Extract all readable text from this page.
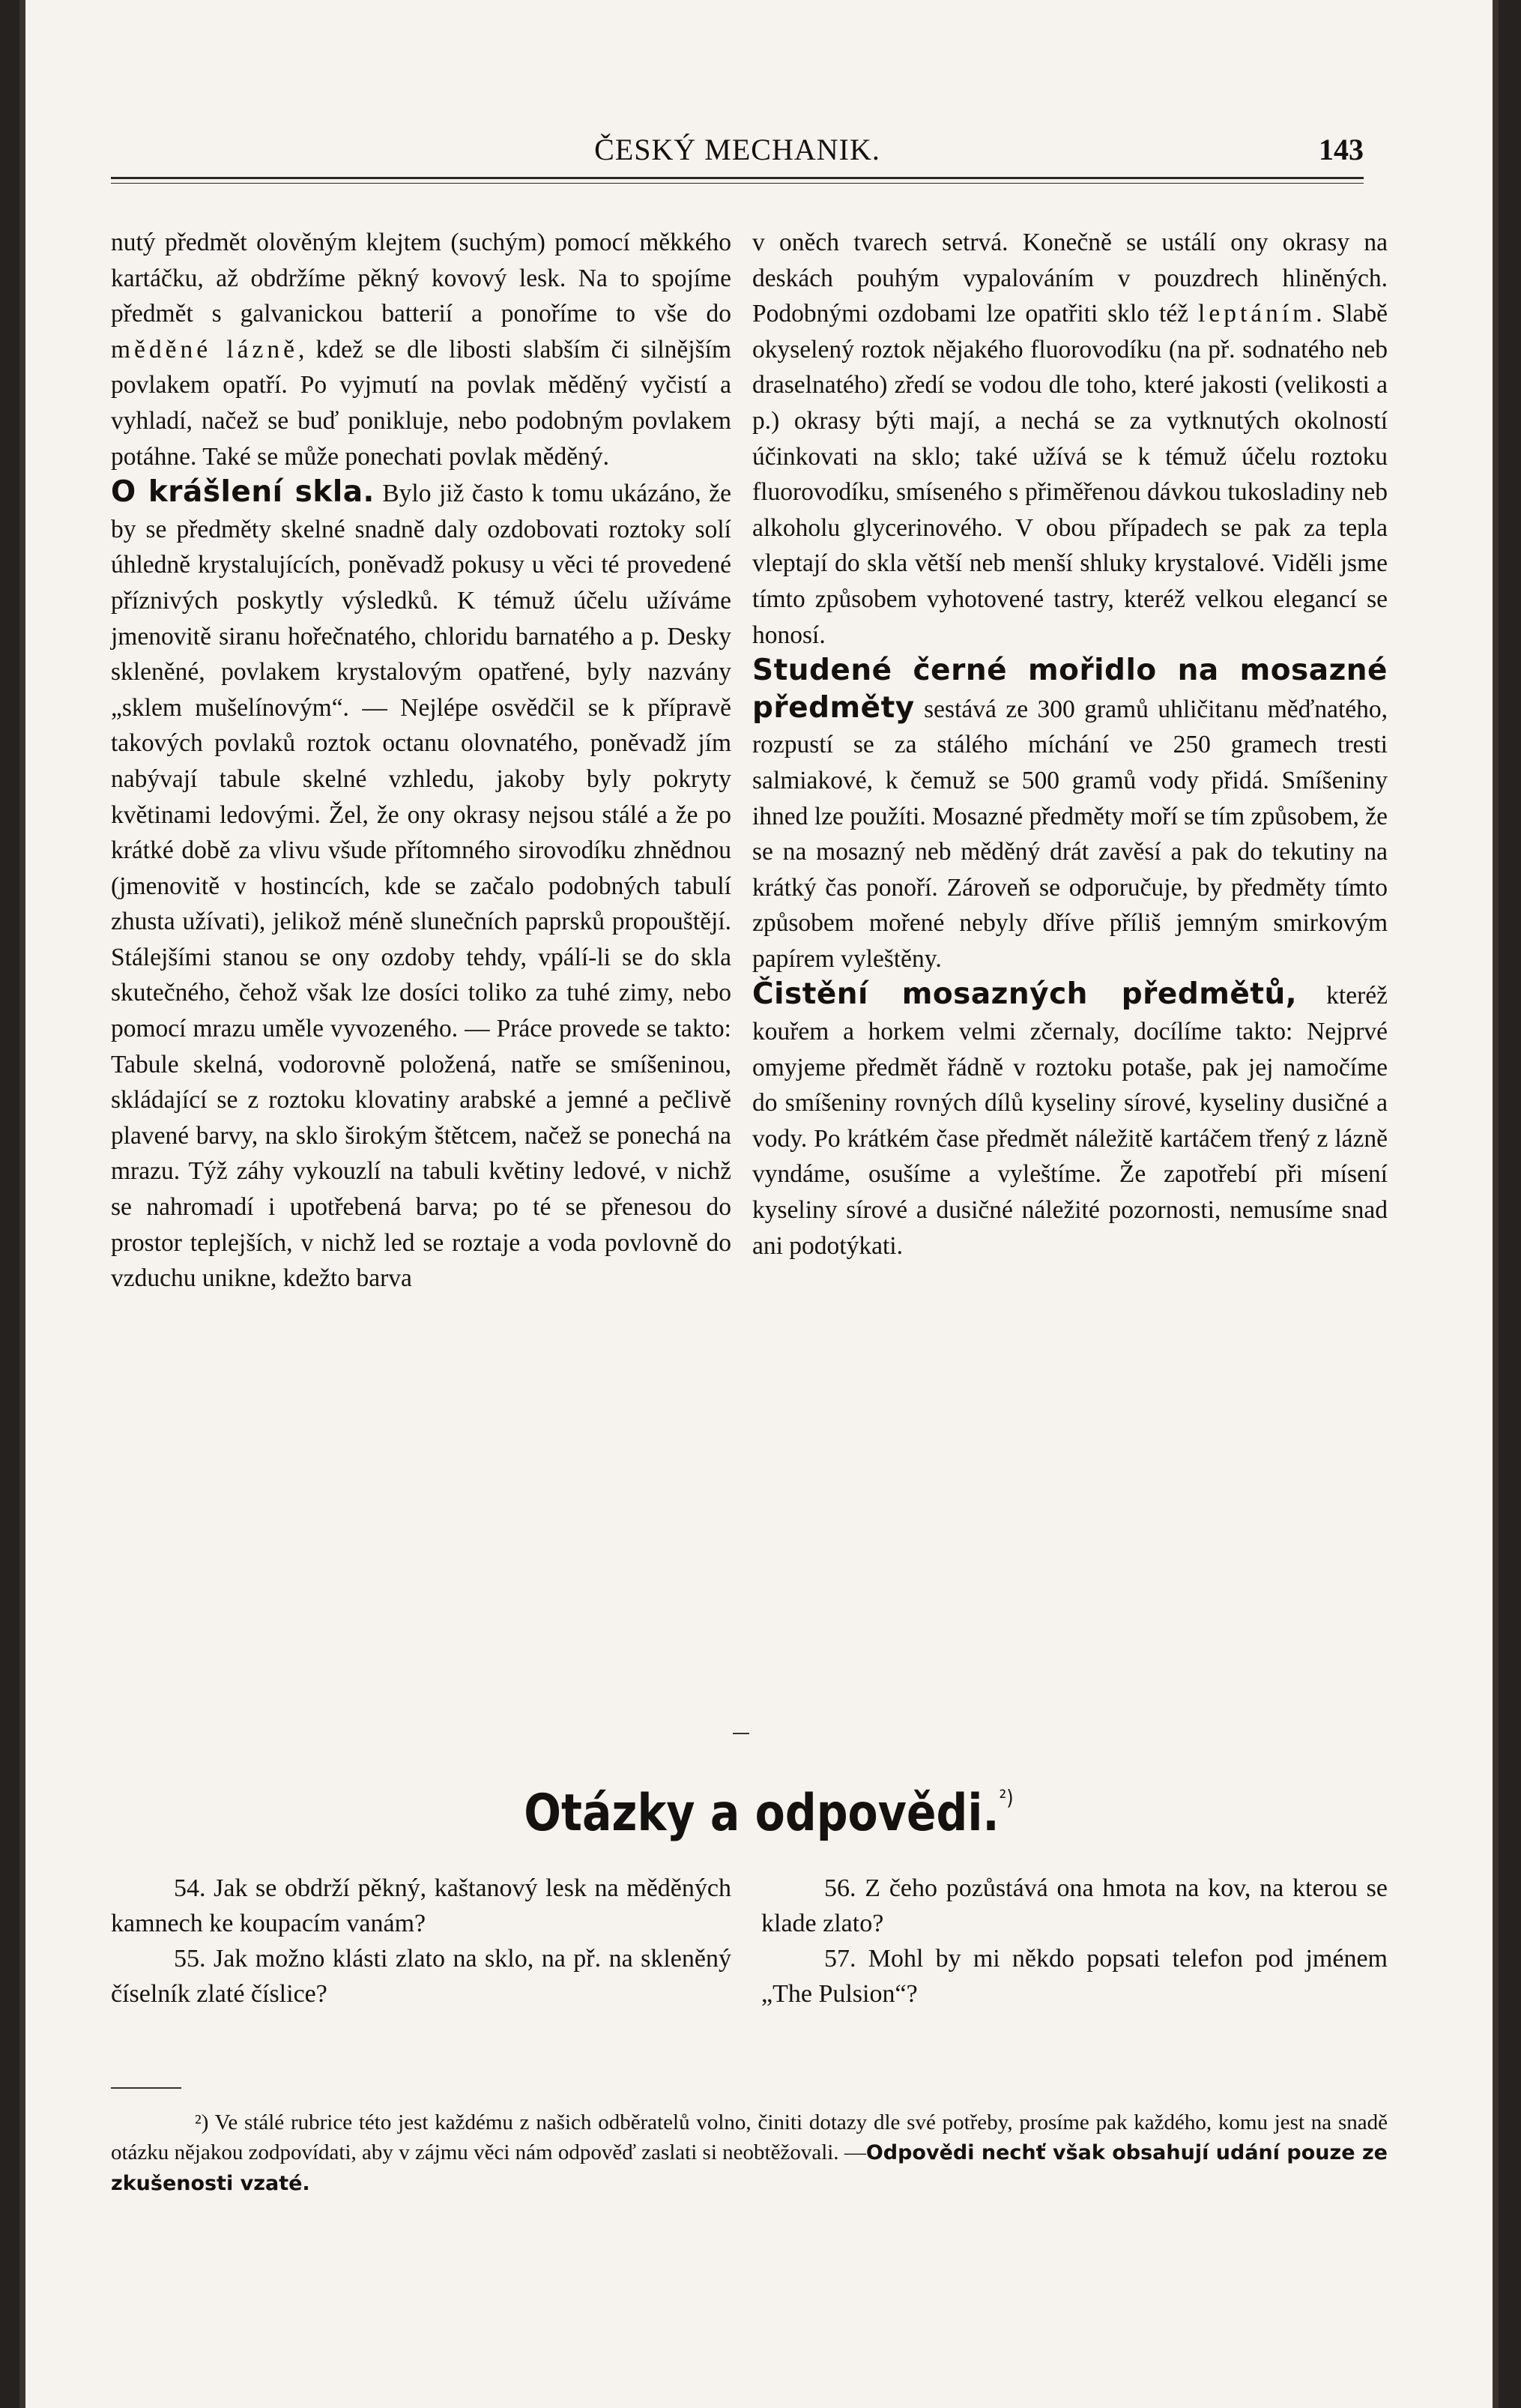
ČESKÝ MECHANIK.	143

nutý předmět olověným klejtem (suchým) pomocí měkkého kartáčku, až obdržíme pěkný kovový lesk. Na to spojíme předmět s galvanickou batterií a ponoříme to vše do měděné lázně, kdež se dle libosti slabším či silnějším povlakem opatří. Po vyjmutí na povlak měděný vyčistí a vyhladí, načež se buď poniklujе, nebo podobným povlakem potáhne. Také se může ponechati povlak měděný.

O krášlení skla. Bylo již často k tomu ukázáno, že by se předměty skelné snadně daly ozdobovati roztoky solí úhledně krystalujících, poněvadž pokusy u věci té provedené příznivých poskytly výsledků. K témuž účelu užíváme jmenovitě siranu hořečnatého, chloridu barnatého a p. Desky skleněné, povlakem krystalovým opatřené, byly nazvány „sklem mušelínovým“. — Nejlépe osvědčil se k přípravě takových povlaků roztok octanu olovnatého, poněvadž jím nabývají tabule skelné vzhledu, jakoby byly pokryty květinami ledovými. Žel, že ony okrasy nejsou stálé a že po krátké době za vlivu všude přítomného sirovodíku zhnědnou (jmenovitě v hostincích, kde se začalo podobných tabulí zhusta užívati), jelikož méně slunečních paprsků propouštějí. Stálejšími stanou se ony ozdoby tehdy, vpálí-li se do skla skutečného, čehož však lze dosíci toliko za tuhé zimy, nebo pomocí mrazu uměle vyvozeného. — Práce provede se takto: Tabule skelná, vodorovně položená, natře se smíšeninou, skládající se z roztoku klovatiny arabské a jemné a pečlivě plavené barvy, na sklo širokým štětcem, načež se ponechá na mrazu. Týž záhy vykouzlí na tabuli květiny ledové, v nichž se nahromadí i upotřebená barva; po té se přenesou do prostor teplejších, v nichž led se roztaje a voda povlovně do vzduchu unikne, kdežto barva

v oněch tvarech setrvá. Konečně se ustálí ony okrasy na deskách pouhým vypalováním v pouzdrech hliněných. Podobnými ozdobami lze opatřiti sklo též leptáním. Slabě okyselený roztok nějakého fluorovodíku (na př. sodnatého neb draselnatého) zředí se vodou dle toho, které jakosti (velikosti a p.) okrasy býti mají, a nechá se za vytknutých okolností účinkovati na sklo; také užívá se k témuž účelu roztoku fluorovodíku, smíseného s přiměřenou dávkou tukosladiny neb alkoholu glycerinového. V obou případech se pak za tepla vleptají do skla větší neb menší shluky krystalové. Viděli jsme tímto způsobem vyhotovené tastry, kteréž velkou elegancí se honosí.

Studené černé mořidlo na mosazné předměty sestává ze 300 gramů uhličitanu měďnatého, rozpustí se za stálého míchání ve 250 gramech tresti salmiakové, k čemuž se 500 gramů vody přidá. Smíšeniny ihned lze použíti. Mosazné předměty moří se tím způsobem, že se na mosazný neb měděný drát zavěsí a pak do tekutiny na krátký čas ponoří. Zároveň se odporučuje, by předměty tímto způsobem mořené nebyly dříve příliš jemným smirkovým papírem vyleštěny.

Čistění mosazných předmětů, kteréž kouřem a horkem velmi zčernaly, docílíme takto: Nejprvé omyjeme předmět řádně v roztoku potaše, pak jej namočíme do smíšeniny rovných dílů kyseliny sírové, kyseliny dusičné a vody. Po krátkém čase předmět náležitě kartáčem třený z lázně vyndáme, osušíme a vyleštíme. Že zapotřebí při mísení kyseliny sírové a dusičné náležité pozornosti, nemusíme snad ani podotýkati.

Otázky a odpovědi.$^{^2)}$

54. Jak se obdrží pěkný, kaštanový lesk na měděných kamnech ke koupacím vanám?

55. Jak možno klásti zlato na sklo, na př. na skleněný číselník zlaté číslice?

56. Z čeho pozůstává ona hmota na kov, na kterou se klade zlato?

57. Mohl by mi někdo popsati telefon pod jménem „The Pulsion“?

²) Ve stálé rubrice této jest každému z našich odběratelů volno, činiti dotazy dle své potřeby, prosíme pak každého, komu jest na snadě otázku nějakou zodpovídati, aby v zájmu věci nám odpověď zaslati si neobtěžovali. —Odpovědi nechť však obsahují udání pouze ze zkušenosti vzaté.
